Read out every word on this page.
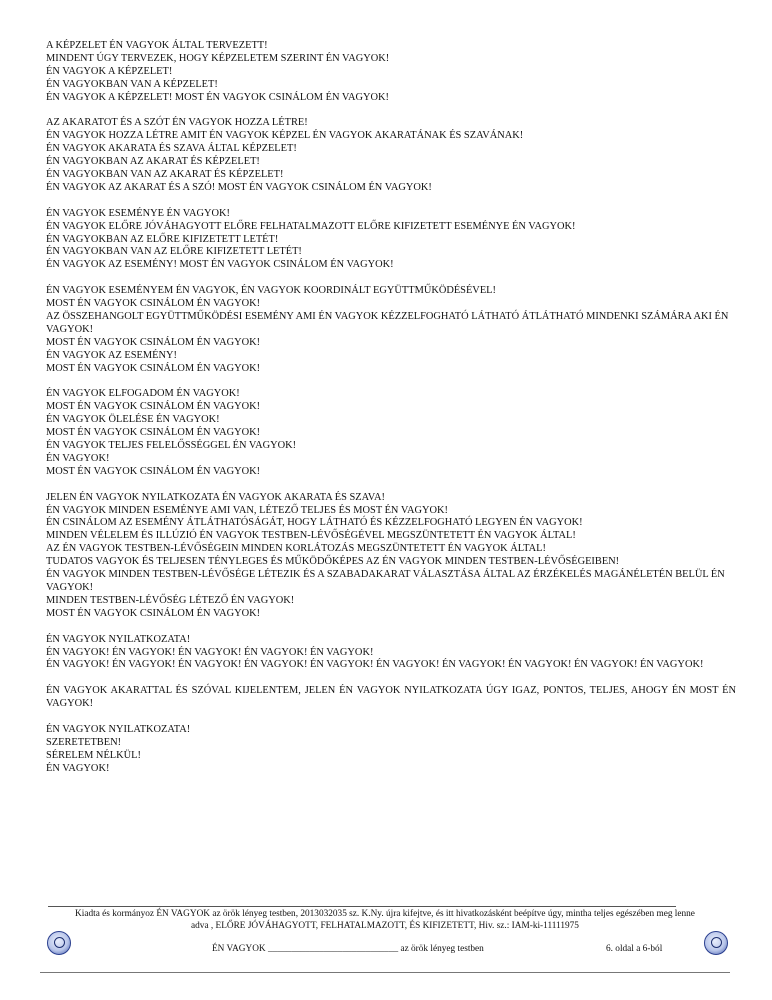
A KÉPZELET ÉN VAGYOK ÁLTAL TERVEZETT!
MINDENT ÚGY TERVEZEK, HOGY KÉPZELETEM SZERINT ÉN VAGYOK!
ÉN VAGYOK A KÉPZELET!
ÉN VAGYOKBAN VAN A KÉPZELET!
ÉN VAGYOK A KÉPZELET! MOST ÉN VAGYOK CSINÁLOM ÉN VAGYOK!
AZ AKARATOT ÉS A SZÓT ÉN VAGYOK HOZZA LÉTRE!
ÉN VAGYOK HOZZA LÉTRE AMIT ÉN VAGYOK KÉPZEL ÉN VAGYOK AKARATÁNAK ÉS SZAVÁNAK!
ÉN VAGYOK AKARATA ÉS SZAVA ÁLTAL KÉPZELET!
ÉN VAGYOKBAN AZ AKARAT ÉS KÉPZELET!
ÉN VAGYOKBAN VAN AZ AKARAT ÉS KÉPZELET!
ÉN VAGYOK AZ AKARAT ÉS A SZÓ! MOST ÉN VAGYOK CSINÁLOM ÉN VAGYOK!
ÉN VAGYOK ESEMÉNYE ÉN VAGYOK!
ÉN VAGYOK ELŐRE JÓVÁHAGYOTT ELŐRE FELHATALMAZOTT ELŐRE KIFIZETETT ESEMÉNYE ÉN VAGYOK!
ÉN VAGYOKBAN AZ ELŐRE KIFIZETETT LETÉT!
ÉN VAGYOKBAN VAN AZ ELŐRE KIFIZETETT LETÉT!
ÉN VAGYOK AZ ESEMÉNY! MOST ÉN VAGYOK CSINÁLOM ÉN VAGYOK!
ÉN VAGYOK ESEMÉNYEM ÉN VAGYOK, ÉN VAGYOK KOORDINÁLT EGYÜTTMŰKÖDÉSÉVEL!
MOST ÉN VAGYOK CSINÁLOM ÉN VAGYOK!
AZ ÖSSZEHANGOLT EGYÜTTMŰKÖDÉSI ESEMÉNY AMI ÉN VAGYOK KÉZZELFOGHATÓ LÁTHATÓ ÁTLÁTHATÓ MINDENKI SZÁMÁRA AKI ÉN VAGYOK!
MOST ÉN VAGYOK CSINÁLOM ÉN VAGYOK!
ÉN VAGYOK AZ ESEMÉNY!
MOST ÉN VAGYOK CSINÁLOM ÉN VAGYOK!
ÉN VAGYOK ELFOGADOM ÉN VAGYOK!
MOST ÉN VAGYOK CSINÁLOM ÉN VAGYOK!
ÉN VAGYOK ÖLELÉSE ÉN VAGYOK!
MOST ÉN VAGYOK CSINÁLOM ÉN VAGYOK!
ÉN VAGYOK TELJES FELELŐSSÉGGEL ÉN VAGYOK!
ÉN VAGYOK!
MOST ÉN VAGYOK CSINÁLOM ÉN VAGYOK!
JELEN ÉN VAGYOK NYILATKOZATA ÉN VAGYOK AKARATA ÉS SZAVA!
ÉN VAGYOK MINDEN ESEMÉNYE AMI VAN, LÉTEZŐ TELJES ÉS MOST ÉN VAGYOK!
ÉN CSINÁLOM AZ ESEMÉNY ÁTLÁTHATÓSÁGÁT, HOGY LÁTHATÓ ÉS KÉZZELFOGHATÓ LEGYEN ÉN VAGYOK!
MINDEN VÉLELEM ÉS ILLÚZIÓ ÉN VAGYOK TESTBEN-LÉVŐSÉGÉVEL MEGSZÜNTETETT ÉN VAGYOK ÁLTAL!
AZ ÉN VAGYOK TESTBEN-LÉVŐSÉGEIN MINDEN KORLÁTOZÁS MEGSZÜNTETETT ÉN VAGYOK ÁLTAL!
TUDATOS VAGYOK ÉS TELJESEN TÉNYLEGES ÉS MŰKÖDŐKÉPES AZ ÉN VAGYOK MINDEN TESTBEN-LÉVŐSÉGEIBEN!
ÉN VAGYOK MINDEN TESTBEN-LÉVŐSÉGE LÉTEZIK ÉS A SZABADAKARAT VÁLASZTÁSA ÁLTAL AZ ÉRZÉKELÉS MAGÁNÉLETÉN BELÜL ÉN VAGYOK!
MINDEN TESTBEN-LÉVŐSÉG LÉTEZŐ ÉN VAGYOK!
MOST ÉN VAGYOK CSINÁLOM ÉN VAGYOK!
ÉN VAGYOK NYILATKOZATA!
ÉN VAGYOK! ÉN VAGYOK! ÉN VAGYOK! ÉN VAGYOK! ÉN VAGYOK!
ÉN VAGYOK! ÉN VAGYOK! ÉN VAGYOK! ÉN VAGYOK! ÉN VAGYOK! ÉN VAGYOK! ÉN VAGYOK! ÉN VAGYOK! ÉN VAGYOK! ÉN VAGYOK!
ÉN VAGYOK AKARATTAL ÉS SZÓVAL KIJELENTEM, JELEN ÉN VAGYOK NYILATKOZATA ÚGY IGAZ, PONTOS, TELJES, AHOGY ÉN MOST ÉN VAGYOK!
ÉN VAGYOK NYILATKOZATA!
SZERETETBEN!
SÉRELEM NÉLKÜL!
ÉN VAGYOK!
Kiadta és kormányoz ÉN VAGYOK az örök lényeg testben, 2013032035 sz. K.Ny. újra kifejtve, és itt hivatkozásként beépítve úgy, mintha teljes egészében meg lenne
adva , ELŐRE JÓVÁHAGYOTT, FELHATALMAZOTT, ÉS KIFIZETETT, Hiv. sz.: IAM-ki-11111975
ÉN VAGYOK ____________________________ az örök lényeg testben	6. oldal a 6-ból
